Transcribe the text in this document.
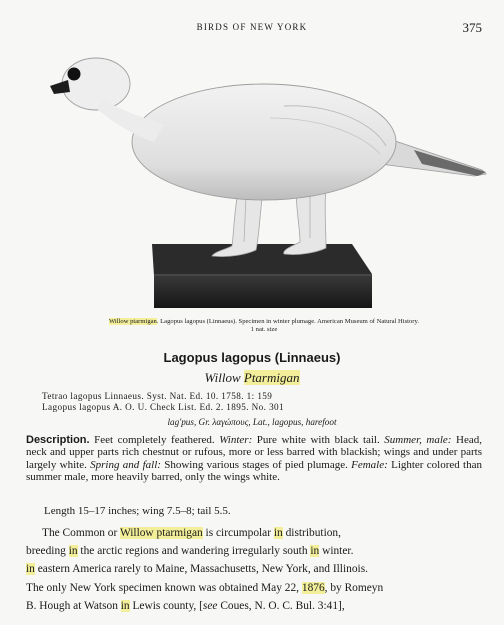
BIRDS OF NEW YORK	375
Willow ptarmigan. Lagopus lagopus (Linnaeus). Specimen in winter plumage. American Museum of Natural History.
1 nat. size
Lagopus lagopus (Linnaeus)
Willow Ptarmigan
Tetrao lagopus Linnaeus. Syst. Nat. Ed. 10. 1758. 1: 159
Lagopus lagopus A. O. U. Check List. Ed. 2. 1895. No. 301
lag′pus, Gr. λαγώπους, Lat., lagopus, harefoot
Description. Feet completely feathered. Winter: Pure white with black tail. Summer, male: Head, neck and upper parts rich chestnut or rufous, more or less barred with blackish; wings and under parts largely white. Spring and fall: Showing various stages of pied plumage. Female: Lighter colored than summer male, more heavily barred, only the wings white.
Length 15–17 inches; wing 7.5–8; tail 5.5.
The Common or Willow ptarmigan is circumpolar in distribution,
breeding in the arctic regions and wandering irregularly south in winter.
in eastern America rarely to Maine, Massachusetts, New York, and Illinois.
The only New York specimen known was obtained May 22, 1876, by Romeyn
B. Hough at Watson in Lewis county, [see Coues, N. O. C. Bul. 3:41],
